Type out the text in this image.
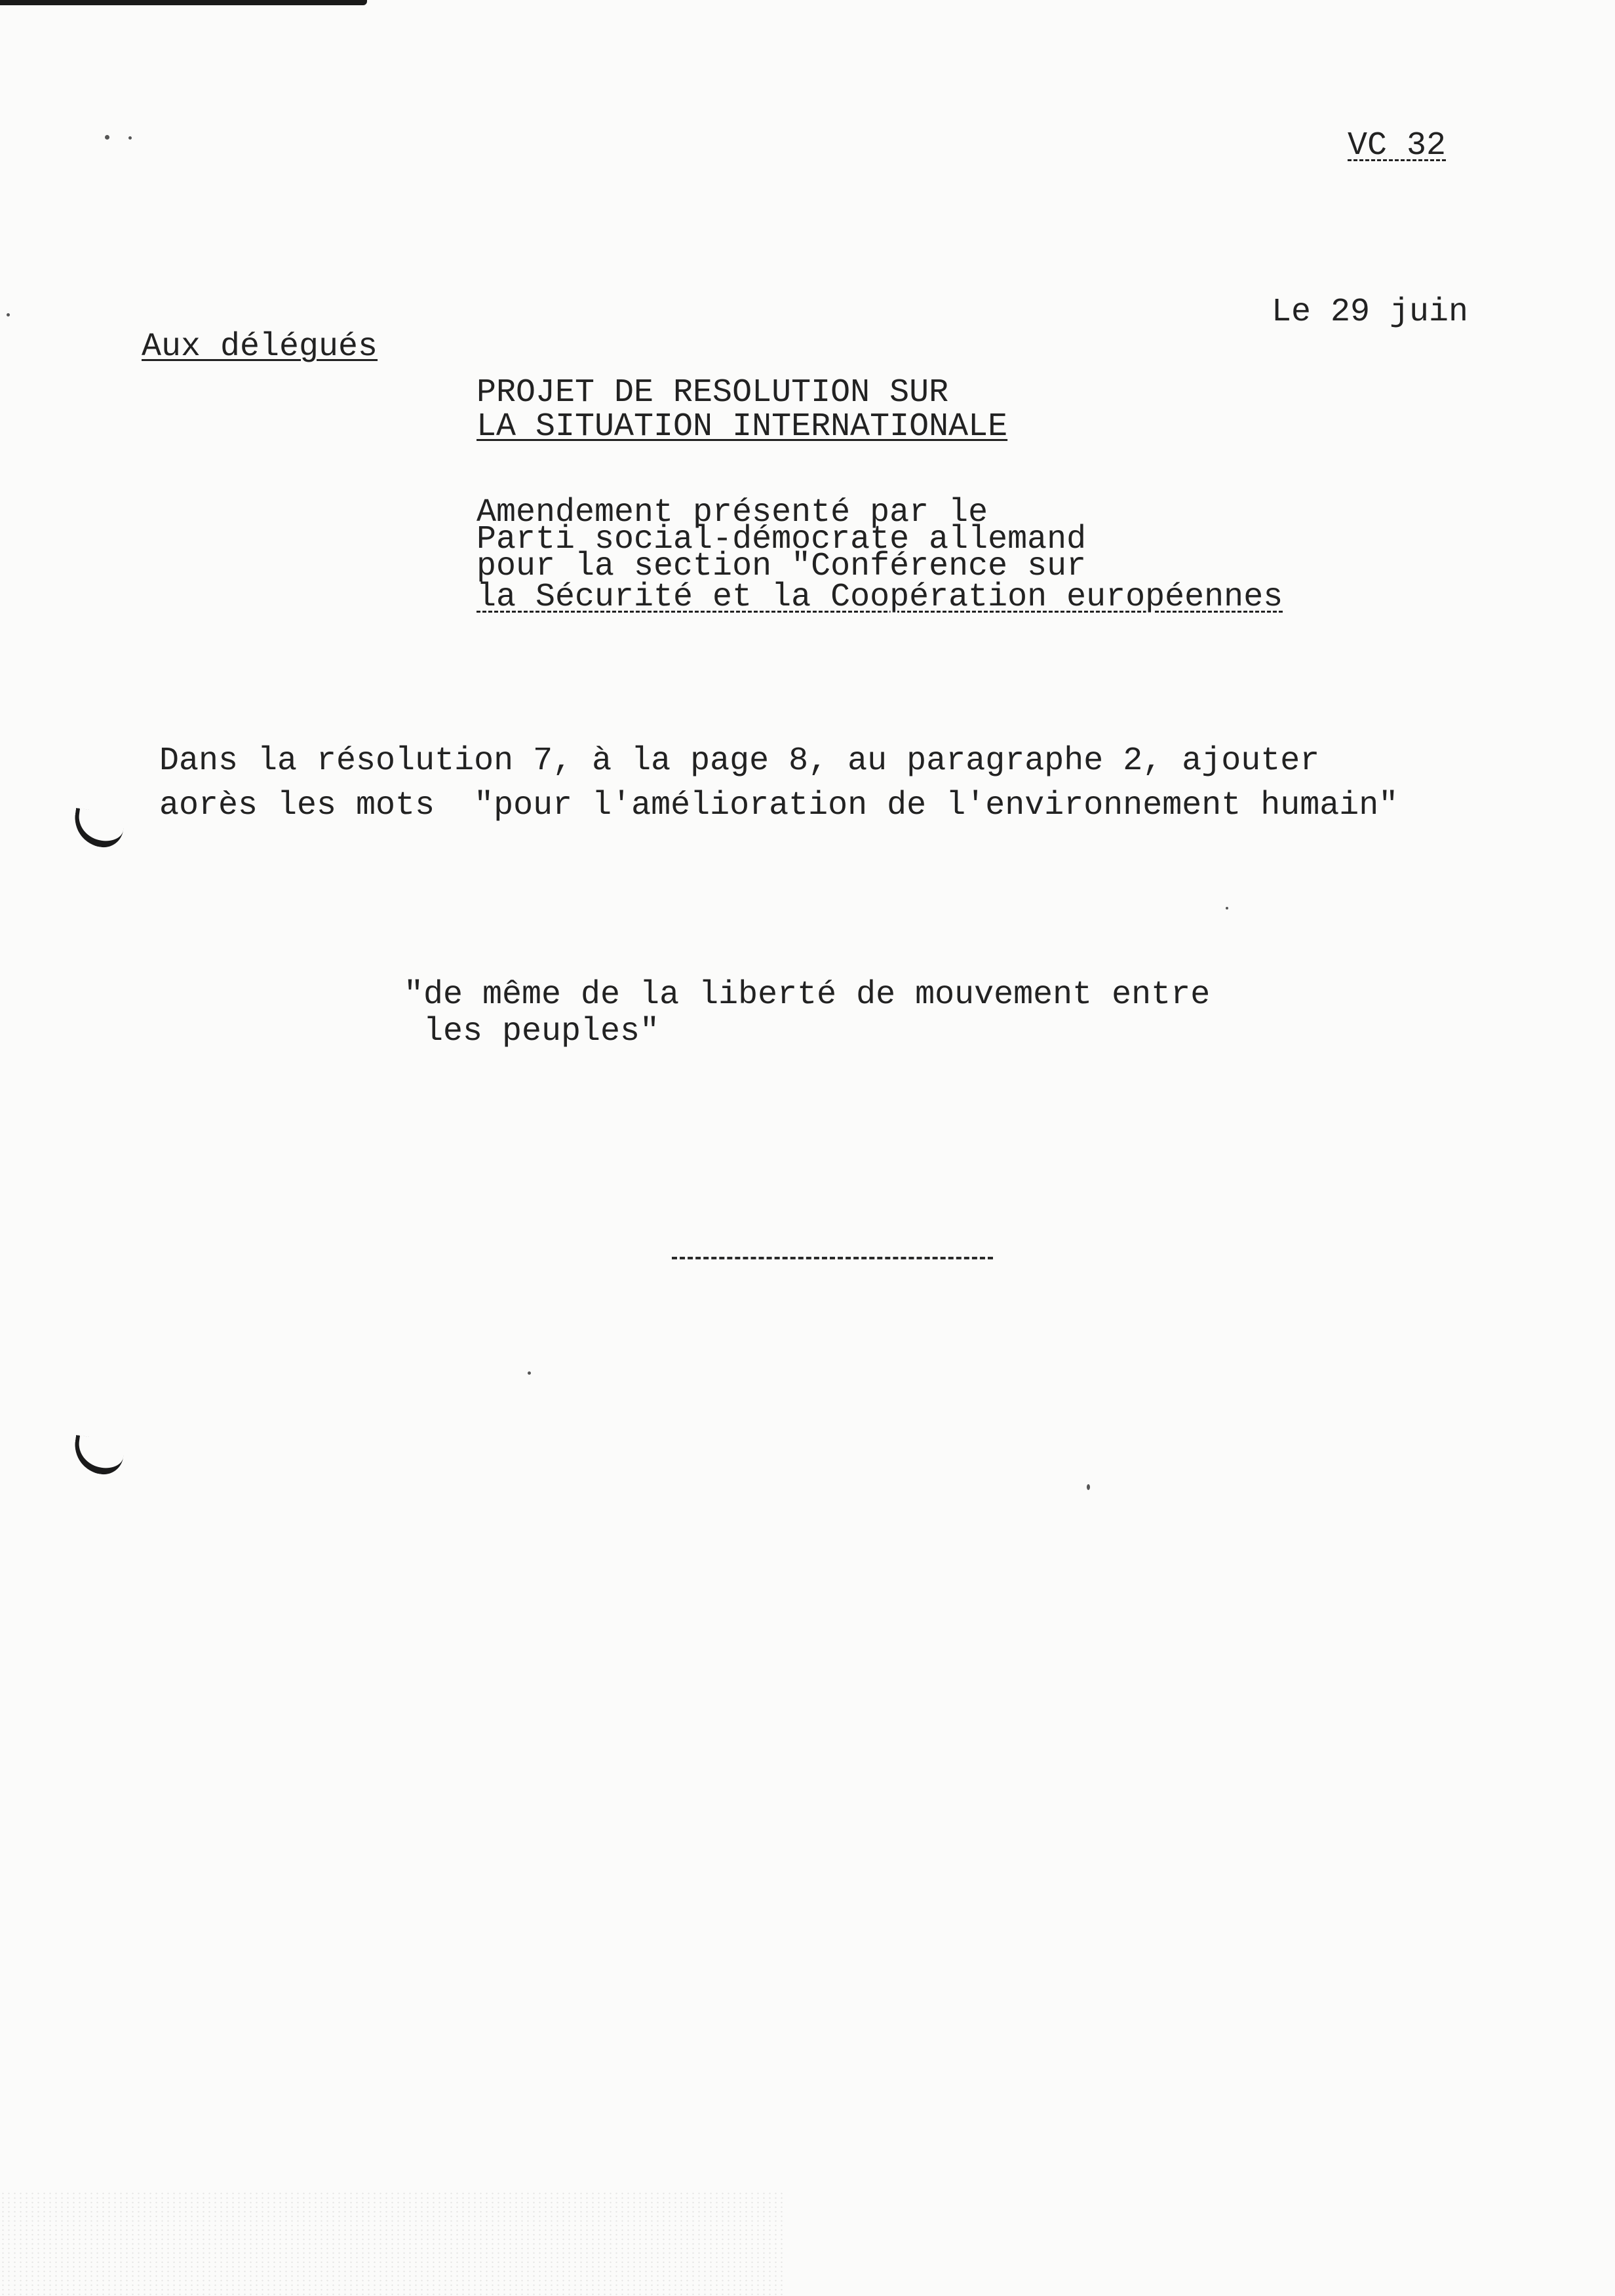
VC 32
Le 29 juin
Aux délégués
PROJET DE RESOLUTION SUR
LA SITUATION INTERNATIONALE
Amendement présenté par le
Parti social-démocrate allemand
pour la section "Conférence sur
la Sécurité et la Coopération européennes
Dans la résolution 7, à la page 8, au paragraphe 2, ajouter
aorès les mots  "pour l'amélioration de l'environnement humain"
"de même de la liberté de mouvement entre
les peuples"
